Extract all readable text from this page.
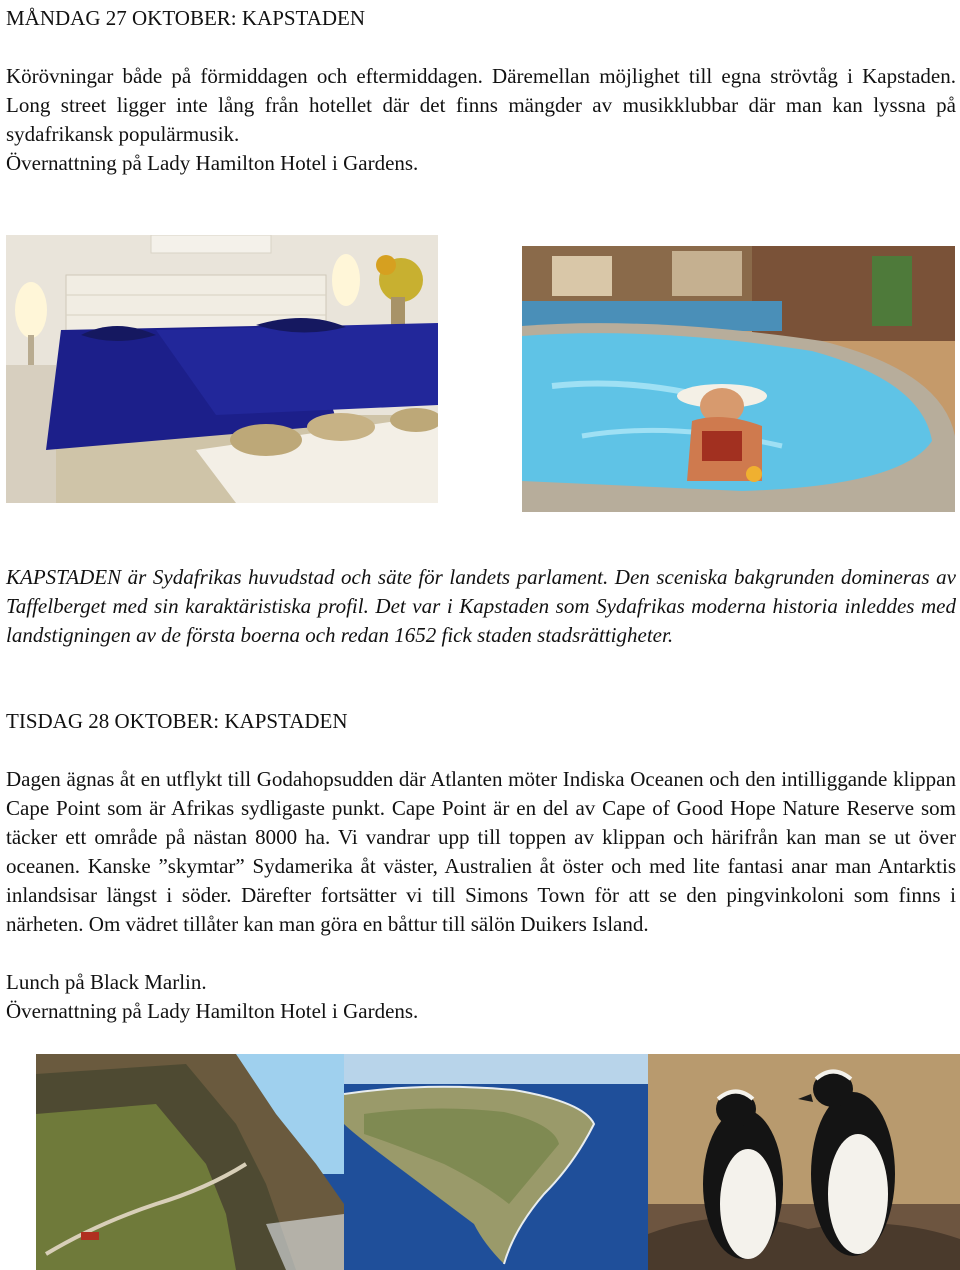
MÅNDAG 27 OKTOBER: KAPSTADEN

Körövningar både på förmiddagen och eftermiddagen. Däremellan möjlighet till egna strövtåg i Kapstaden. Long street ligger inte lång från hotellet där det finns mängder av musikklubbar där man kan lyssna på sydafrikansk populärmusik.

Övernattning på Lady Hamilton Hotel i Gardens.

KAPSTADEN är Sydafrikas huvudstad och säte för landets parlament. Den sceniska bakgrunden domineras av Taffelberget med sin karaktäristiska profil. Det var i Kapstaden som Sydafrikas moderna historia inleddes med landstigningen av de första boerna och redan 1652 fick staden stadsrättigheter.

TISDAG 28 OKTOBER: KAPSTADEN

Dagen ägnas åt en utflykt till Godahopsudden där Atlanten möter Indiska Oceanen och den intilliggande klippan Cape Point som är Afrikas sydligaste punkt. Cape Point är en del av Cape of Good Hope Nature Reserve som täcker ett område på nästan 8000 ha. Vi vandrar upp till toppen av klippan och härifrån kan man se ut över oceanen. Kanske ”skymtar” Sydamerika åt väster, Australien åt öster och med lite fantasi anar man Antarktis inlandsisar längst i söder. Därefter fortsätter vi till Simons Town för att se den pingvinkoloni som finns i närheten. Om vädret tillåter kan man göra en båttur till sälön Duikers Island.

Lunch på Black Marlin.

Övernattning på Lady Hamilton Hotel i Gardens.
